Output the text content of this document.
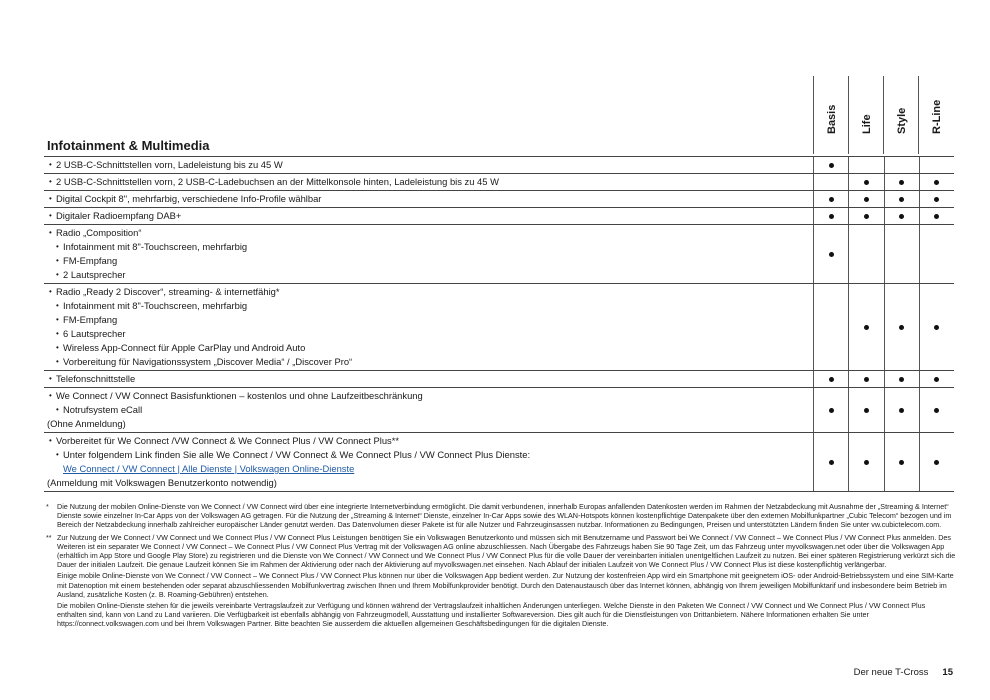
Basis Life Style R-Line
Infotainment & Multimedia
• 2 USB-C-Schnittstellen vorn, Ladeleistung bis zu 45 W
• 2 USB-C-Schnittstellen vorn, 2 USB-C-Ladebuchsen an der Mittelkonsole hinten, Ladeleistung bis zu 45 W
• Digital Cockpit 8", mehrfarbig, verschiedene Info-Profile wählbar
• Digitaler Radioempfang DAB+
• Radio „Composition“
• Infotainment mit 8"-Touchscreen, mehrfarbig
• FM-Empfang
• 2 Lautsprecher
• Radio „Ready 2 Discover“, streaming- & internetfähig*
• Infotainment mit 8"-Touchscreen, mehrfarbig
• FM-Empfang
• 6 Lautsprecher
• Wireless App-Connect für Apple CarPlay und Android Auto
• Vorbereitung für Navigationssystem „Discover Media“ / „Discover Pro“
• Telefonschnittstelle
• We Connect / VW Connect Basisfunktionen – kostenlos und ohne Laufzeitbeschränkung
• Notrufsystem eCall
(Ohne Anmeldung)
• Vorbereitet für We Connect /VW Connect & We Connect Plus / VW Connect Plus**
• Unter folgendem Link finden Sie alle We Connect / VW Connect & We Connect Plus / VW Connect Plus Dienste:
We Connect / VW Connect | Alle Dienste | Volkswagen Online-Dienste
(Anmeldung mit Volkswagen Benutzerkonto notwendig)
* Die Nutzung der mobilen Online-Dienste von We Connect / VW Connect wird über eine integrierte Internetverbindung ermöglicht. Die damit verbundenen, innerhalb Europas anfallenden Datenkosten werden im Rahmen der Netzabdeckung mit Ausnahme der „Streaming & Internet“ Dienste sowie einzelner In-Car Apps von der Volkswagen AG getragen. Für die Nutzung der „Streaming & Internet“ Dienste, einzelner In-Car Apps sowie des WLAN-Hotspots können kostenpflichtige Datenpakete über den externen Mobilfunkpartner „Cubic Telecom“ bezogen und im Bereich der Netzabdeckung innerhalb zahlreicher europäischer Länder genutzt werden. Das Datenvolumen dieser Pakete ist für alle Nutzer und Fahrzeuginsassen nutzbar. Informationen zu Bedingungen, Preisen und unterstützten Ländern finden Sie unter vw.cubictelecom.com.

** Zur Nutzung der We Connect / VW Connect und We Connect Plus / VW Connect Plus Leistungen benötigen Sie ein Volkswagen Benutzerkonto und müssen sich mit Benutzername und Passwort bei We Connect / VW Connect – We Connect Plus / VW Connect Plus anmelden. Des Weiteren ist ein separater We Connect / VW Connect – We Connect Plus / VW Connect Plus Vertrag mit der Volkswagen AG online abzuschliessen. Nach Übergabe des Fahrzeugs haben Sie 90 Tage Zeit, um das Fahrzeug unter myvolkswagen.net oder über die Volkswagen App (erhältlich im App Store und Google Play Store) zu registrieren und die Dienste von We Connect / VW Connect und We Connect Plus / VW Connect Plus für die volle Dauer der vereinbarten initialen unentgeltlichen Laufzeit zu nutzen. Bei einer späteren Registrierung verkürzt sich die Dauer der initialen Laufzeit. Die genaue Laufzeit können Sie im Rahmen der Aktivierung oder nach der Aktivierung auf myvolkswagen.net einsehen. Nach Ablauf der initialen Laufzeit von We Connect Plus / VW Connect Plus ist diese kostenpflichtig verlängerbar.

Einige mobile Online-Dienste von We Connect / VW Connect – We Connect Plus / VW Connect Plus können nur über die Volkswagen App bedient werden. Zur Nutzung der kostenfreien App wird ein Smartphone mit geeignetem iOS- oder Android-Betriebssystem und eine SIM-Karte mit Datenoption mit einem bestehenden oder separat abzuschliessenden Mobilfunkvertrag zwischen Ihnen und Ihrem Mobilfunkprovider benötigt. Durch den Datenaustausch über das Internet können, abhängig von Ihrem jeweiligen Mobilfunktarif und insbesondere beim Betrieb im Ausland, zusätzliche Kosten (z. B. Roaming-Gebühren) entstehen.

Die mobilen Online-Dienste stehen für die jeweils vereinbarte Vertragslaufzeit zur Verfügung und können während der Vertragslaufzeit inhaltlichen Änderungen unterliegen. Welche Dienste in den Paketen We Connect / VW Connect und We Connect Plus / VW Connect Plus enthalten sind, kann von Land zu Land variieren. Die Verfügbarkeit ist ebenfalls abhängig von Fahrzeugmodell, Ausstattung und installierter Softwareversion. Dies gilt auch für die Dienstleistungen von Drittanbietern. Nähere Informationen erhalten Sie unter https://connect.volkswagen.com und bei Ihrem Volkswagen Partner. Bitte beachten Sie ausserdem die aktuellen allgemeinen Geschäftsbedingungen für die digitalen Dienste.

Der neue T-Cross 15
